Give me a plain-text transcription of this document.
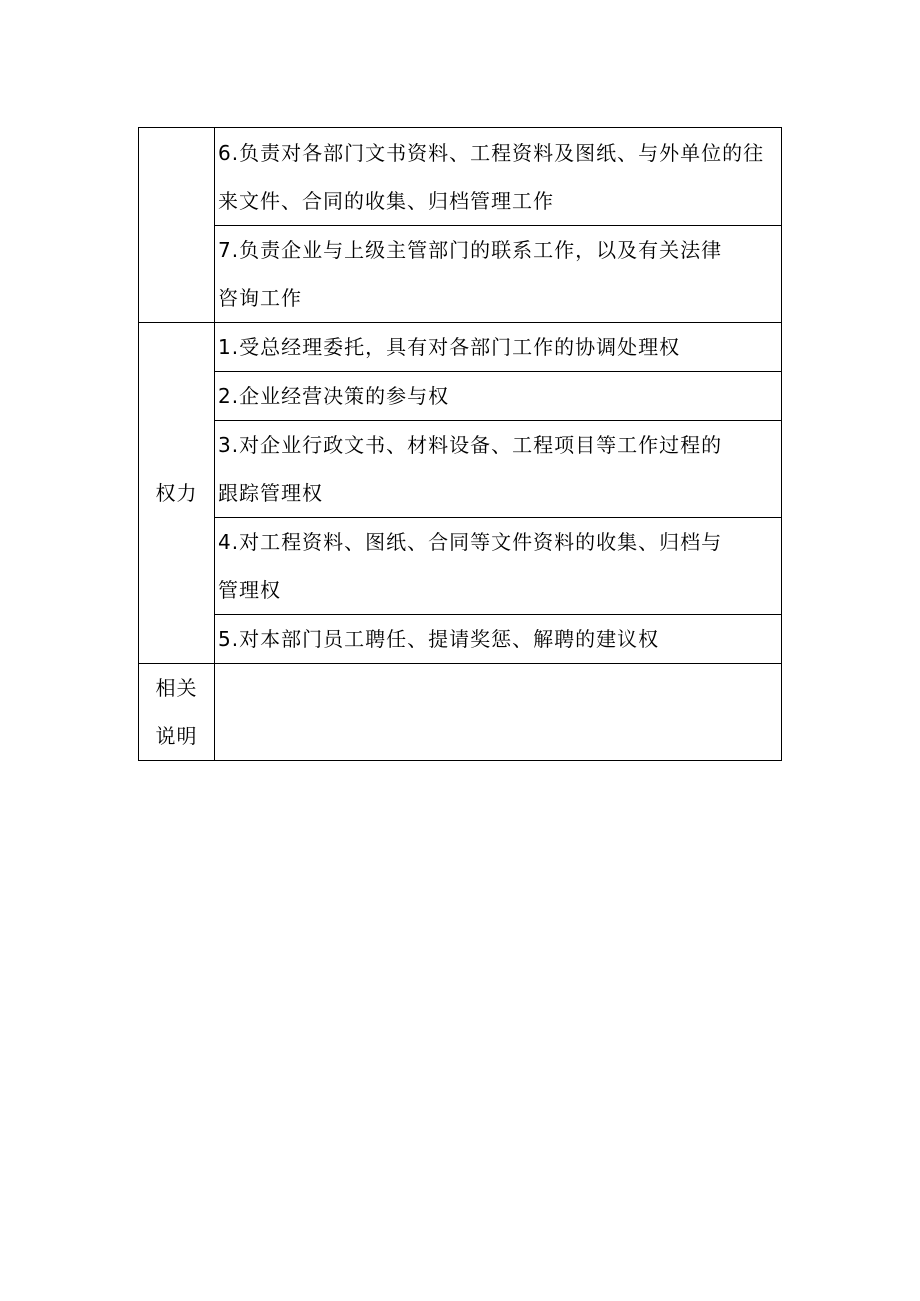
	6.负责对各部门文书资料、工程资料及图纸、与外单位的往
来文件、合同的收集、归档管理工作

	7.负责企业与上级主管部门的联系工作，以及有关法律
咨询工作

权力	1.受总经理委托，具有对各部门工作的协调处理权

	2.企业经营决策的参与权

	3.对企业行政文书、材料设备、工程项目等工作过程的
跟踪管理权

	4.对工程资料、图纸、合同等文件资料的收集、归档与
管理权

	5.对本部门员工聘任、提请奖惩、解聘的建议权

相关
说明	
